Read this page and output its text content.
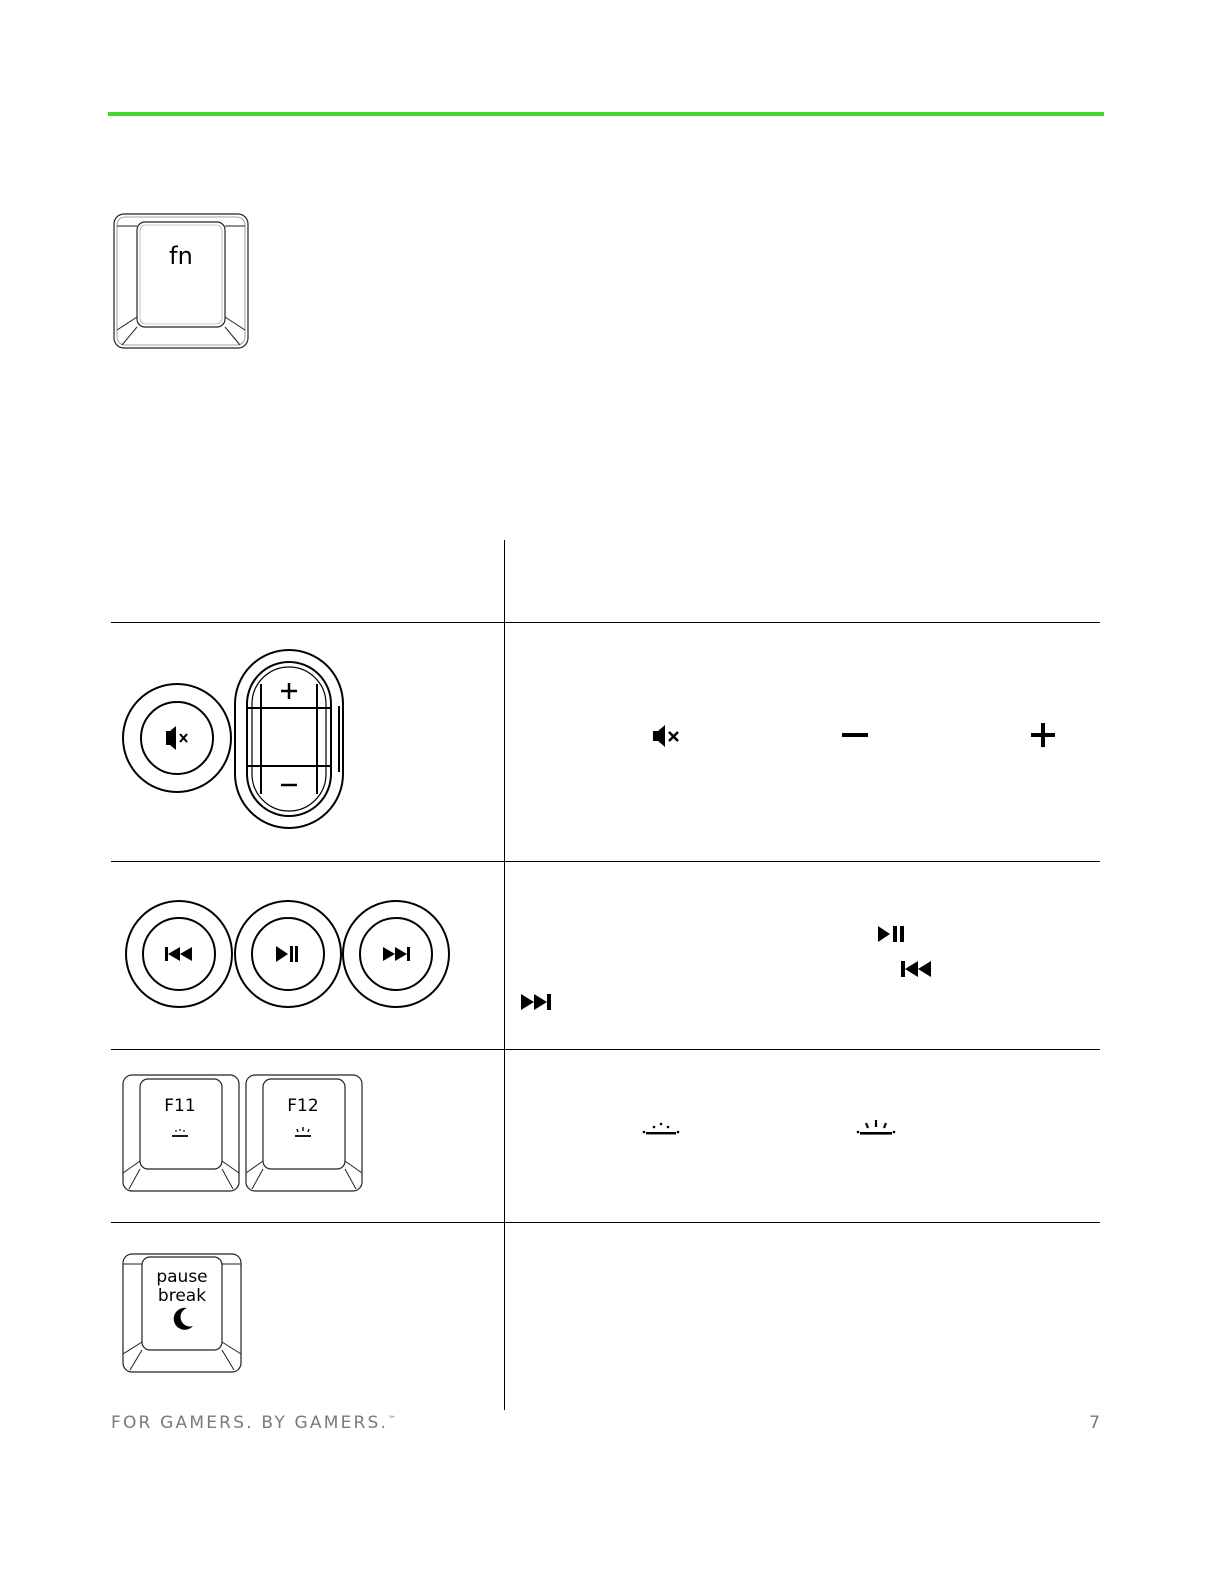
fn
F11	F12
pause
break
FOR GAMERS. BY GAMERS.™	7
